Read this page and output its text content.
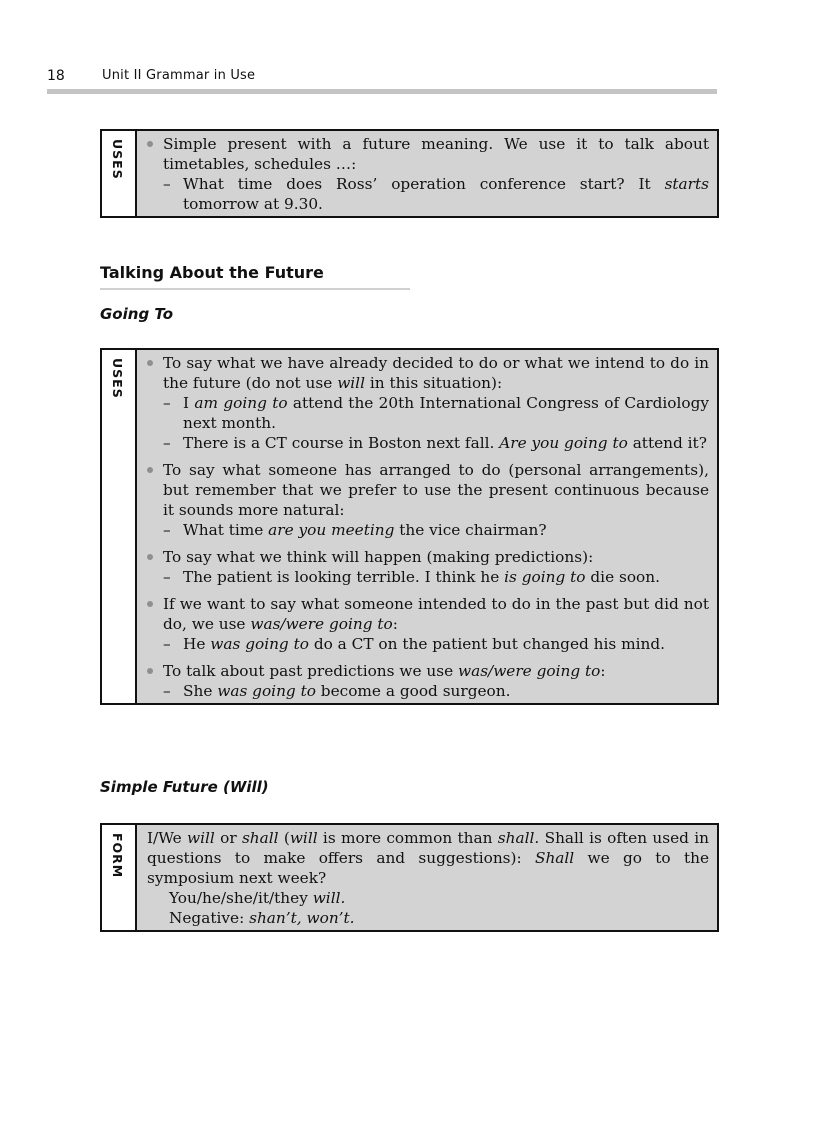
18	Unit II Grammar in Use
USES	Simple present with a future meaning. We use it to talk about timetables, schedules …:
– What time does Ross’ operation conference start? It starts tomorrow at 9.30.
Talking About the Future
Going To
USES	To say what we have already decided to do or what we intend to do in the future (do not use will in this situation):
– I am going to attend the 20th International Congress of Cardiology next month.
– There is a CT course in Boston next fall. Are you going to attend it?
To say what someone has arranged to do (personal arrangements), but remember that we prefer to use the present continuous because it sounds more natural:
– What time are you meeting the vice chairman?
To say what we think will happen (making predictions):
– The patient is looking terrible. I think he is going to die soon.
If we want to say what someone intended to do in the past but did not do, we use was/were going to:
– He was going to do a CT on the patient but changed his mind.
To talk about past predictions we use was/were going to:
– She was going to become a good surgeon.
Simple Future (Will)
FORM I/We will or shall (will is more common than shall. Shall is often used in questions to make offers and suggestions): Shall we go to the symposium next week?
You/he/she/it/they will.
Negative: shan’t, won’t.
